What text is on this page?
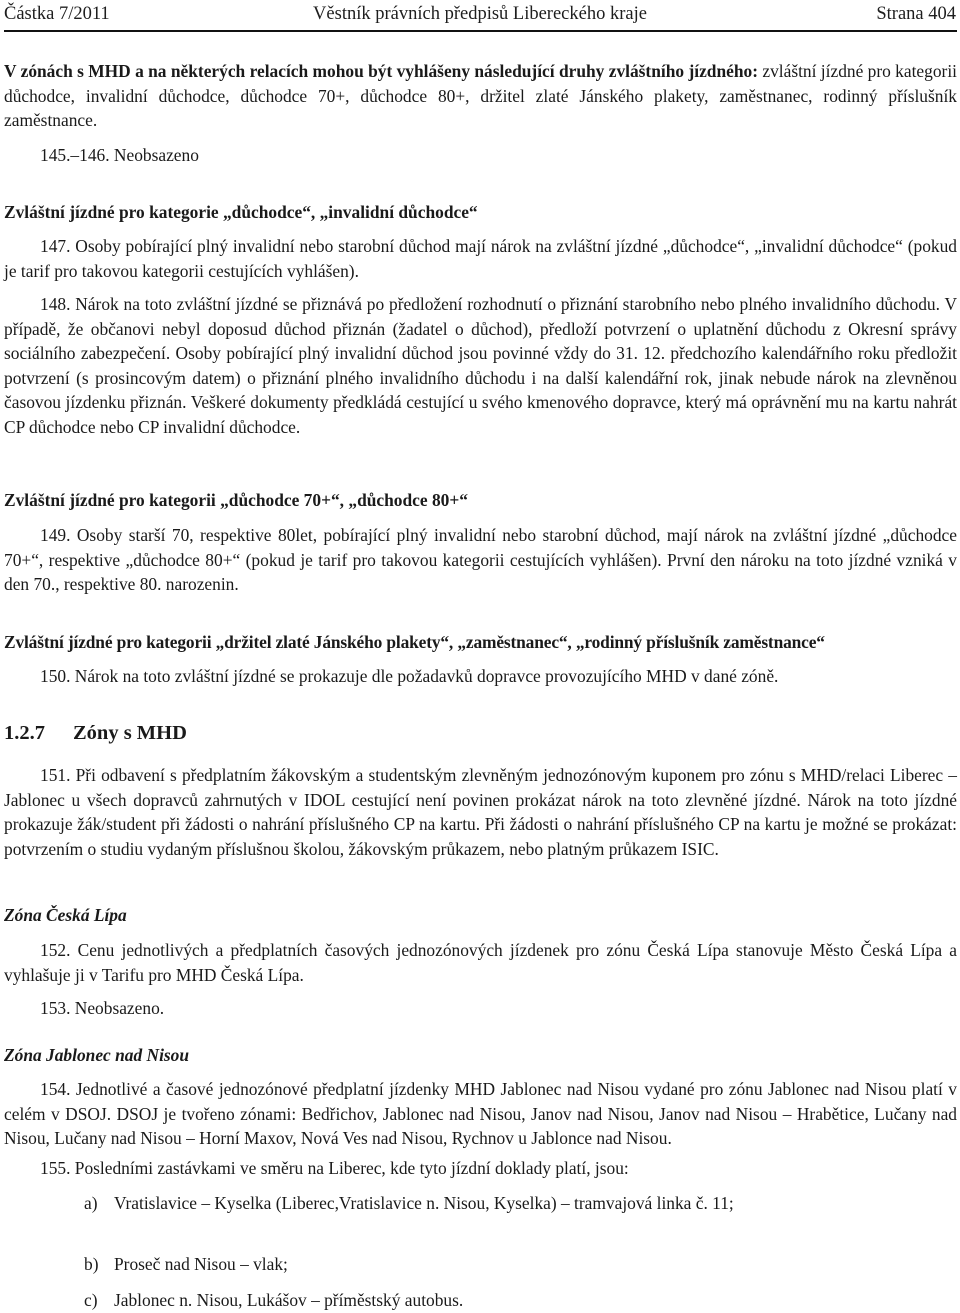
Věstník právních předpisů Libereckého kraje
Částka 7/2011	Strana 404
V zónách s MHD a na některých relacích mohou být vyhlášeny následující druhy zvláštního jízdného: zvláštní jízdné pro kategorii důchodce, invalidní důchodce, důchodce 70+, důchodce 80+, držitel zlaté Jánského plakety, zaměstnanec, rodinný příslušník zaměstnance.
145.–146. Neobsazeno
Zvláštní jízdné pro kategorie „důchodce“, „invalidní důchodce“
147. Osoby pobírající plný invalidní nebo starobní důchod mají nárok na zvláštní jízdné „důchodce“, „invalidní důchodce“ (pokud je tarif pro takovou kategorii cestujících vyhlášen).
148. Nárok na toto zvláštní jízdné se přiznává po předložení rozhodnutí o přiznání starobního nebo plného invalidního důchodu. V případě, že občanovi nebyl doposud důchod přiznán (žadatel o důchod), předloží potvrzení o uplatnění důchodu z Okresní správy sociálního zabezpečení. Osoby pobírající plný invalidní důchod jsou povinné vždy do 31. 12. předchozího kalendářního roku předložit potvrzení (s prosincovým datem) o přiznání plného invalidního důchodu i na další kalendářní rok, jinak nebude nárok na zlevněnou časovou jízdenku přiznán. Veškeré dokumenty předkládá cestující u svého kmenového dopravce, který má oprávnění mu na kartu nahrát CP důchodce nebo CP invalidní důchodce.
Zvláštní jízdné pro kategorii „důchodce 70+“, „důchodce 80+“
149. Osoby starší 70, respektive 80let, pobírající plný invalidní nebo starobní důchod, mají nárok na zvláštní jízdné „důchodce 70+“, respektive „důchodce 80+“ (pokud je tarif pro takovou kategorii cestujících vyhlášen). První den nároku na toto jízdné vzniká v den 70., respektive 80. narozenin.
Zvláštní jízdné pro kategorii „držitel zlaté Jánského plakety“, „zaměstnanec“, „rodinný příslušník zaměstnance“
150. Nárok na toto zvláštní jízdné se prokazuje dle požadavků dopravce provozujícího MHD v dané zóně.
1.2.7 Zóny s MHD
151. Při odbavení s předplatním žákovským a studentským zlevněným jednozónovým kuponem pro zónu s MHD/relaci Liberec – Jablonec u všech dopravců zahrnutých v IDOL cestující není povinen prokázat nárok na toto zlevněné jízdné. Nárok na toto jízdné prokazuje žák/student při žádosti o nahrání příslušného CP na kartu. Při žádosti o nahrání příslušného CP na kartu je možné se prokázat: potvrzením o studiu vydaným příslušnou školou, žákovským průkazem, nebo platným průkazem ISIC.
Zóna Česká Lípa
152. Cenu jednotlivých a předplatních časových jednozónových jízdenek pro zónu Česká Lípa stanovuje Město Česká Lípa a vyhlašuje ji v Tarifu pro MHD Česká Lípa.
153. Neobsazeno.
Zóna Jablonec nad Nisou
154. Jednotlivé a časové jednozónové předplatní jízdenky MHD Jablonec nad Nisou vydané pro zónu Jablonec nad Nisou platí v celém v DSOJ. DSOJ je tvořeno zónami: Bedřichov, Jablonec nad Nisou, Janov nad Nisou, Janov nad Nisou – Hrabětice, Lučany nad Nisou, Lučany nad Nisou – Horní Maxov, Nová Ves nad Nisou, Rychnov u Jablonce nad Nisou.
155. Posledními zastávkami ve směru na Liberec, kde tyto jízdní doklady platí, jsou:
a) Vratislavice – Kyselka (Liberec,Vratislavice n. Nisou, Kyselka) – tramvajová linka č. 11;
b) Proseč nad Nisou – vlak;
c) Jablonec n. Nisou, Lukášov – příměstský autobus.
